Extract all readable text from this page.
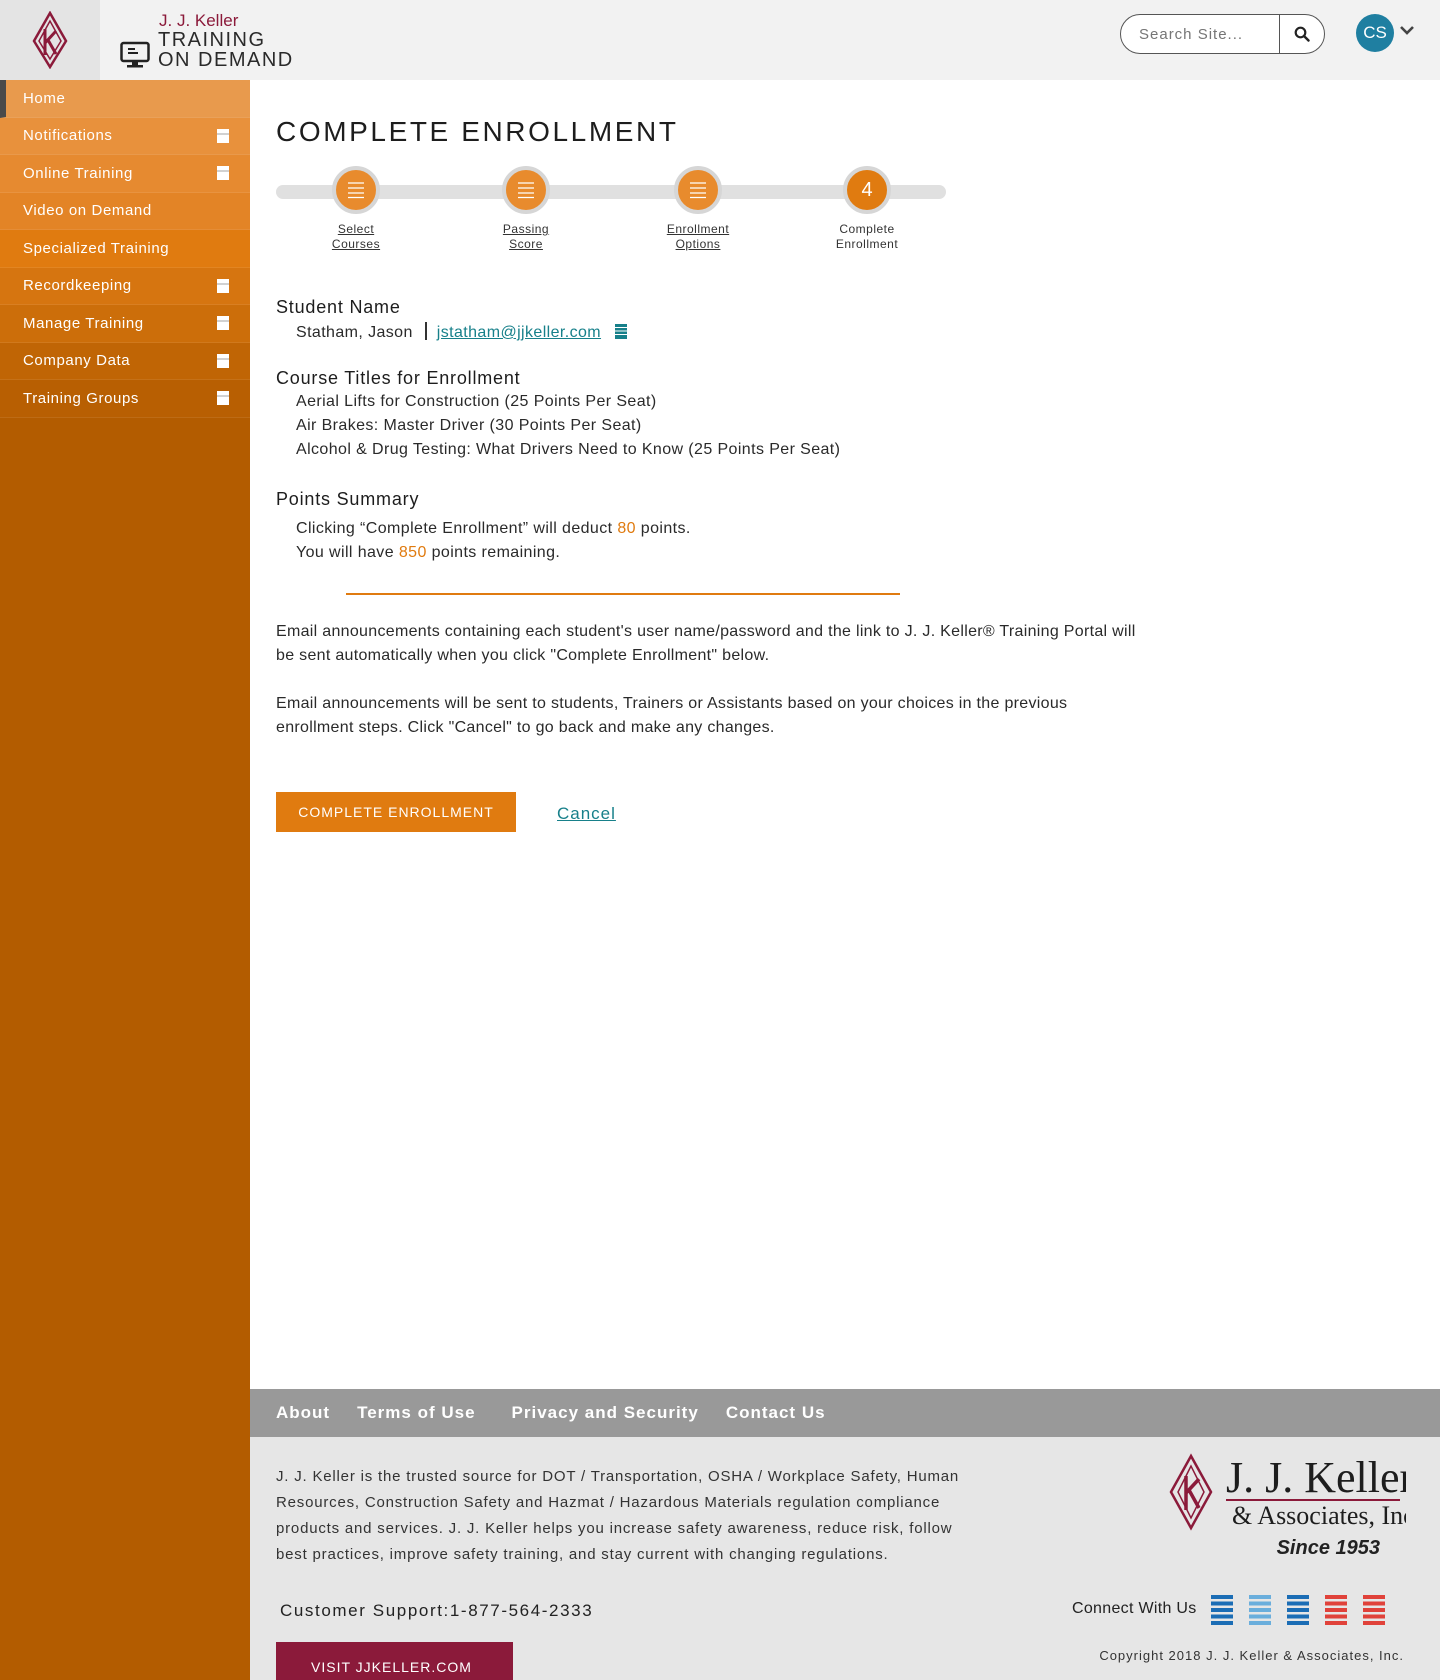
J. J. Keller
TRAINING
ON DEMAND
Search Site...
CS
Home
Notifications
Online Training
Video on Demand
Specialized Training
Recordkeeping
Manage Training
Company Data
Training Groups
COMPLETE ENROLLMENT
Select
Courses
Passing
Score
Enrollment
Options
4
Complete
Enrollment
Student Name
Statham, Jason jstatham@jjkeller.com
Course Titles for Enrollment
Aerial Lifts for Construction (25 Points Per Seat)
Air Brakes: Master Driver (30 Points Per Seat)
Alcohol & Drug Testing: What Drivers Need to Know (25 Points Per Seat)
Points Summary
Clicking “Complete Enrollment” will deduct 80 points.
You will have 850 points remaining.

Email announcements containing each student's user name/password and the link to J. J. Keller® Training Portal will be sent automatically when you click "Complete Enrollment" below.

Email announcements will be sent to students, Trainers or Assistants based on your choices in the previous enrollment steps. Click "Cancel" to go back and make any changes.

COMPLETE ENROLLMENT	Cancel
About Terms of Use Privacy and Security Contact Us

J. J. Keller is the trusted source for DOT / Transportation, OSHA / Workplace Safety, Human Resources, Construction Safety and Hazmat / Hazardous Materials regulation compliance products and services. J. J. Keller helps you increase safety awareness, reduce risk, follow best practices, improve safety training, and stay current with changing regulations.

Customer Support:1-877-564-2333
VISIT JJKELLER.COM
J. J. Keller
& Associates, Inc.
Since 1953
Connect With Us
Copyright 2018 J. J. Keller & Associates, Inc.
